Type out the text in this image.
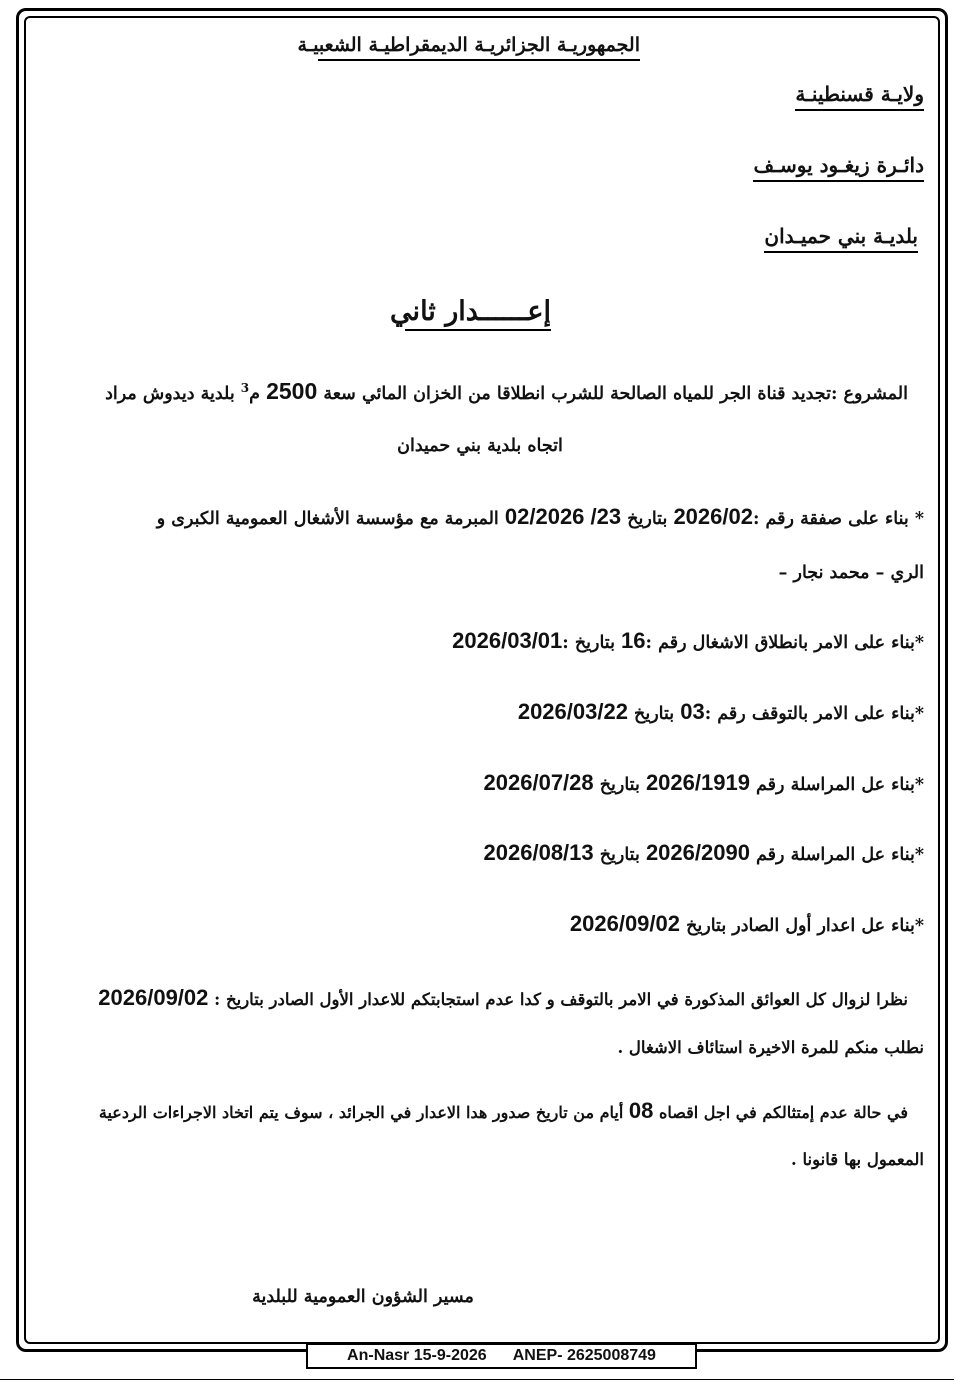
الجمهوريـة الجزائريـة الديمقراطيـة الشعبيـة
ولايـة قسنطينـة
دائـرة زيغـود يوسـف
بلديـة بني حميـدان
إعــــــدار ثاني
المشروع :تجديد قناة الجر للمياه الصالحة للشرب انطلاقا من الخزان المائي سعة 2500 م$^3$ بلدية ديدوش مراد
اتجاه بلدية بني حميدان
* بناء على صفقة رقم :2026/02 بتاريخ 23/ 02/2026 المبرمة مع مؤسسة الأشغال العمومية الكبرى و
الري – محمد نجار –
*بناء على الامر بانطلاق الاشغال رقم :16 بتاريخ :2026/03/01
*بناء على الامر بالتوقف رقم :03 بتاريخ 2026/03/22
*بناء عل المراسلة رقم 2026/1919 بتاريخ 2026/07/28
*بناء عل المراسلة رقم 2026/2090 بتاريخ 2026/08/13
*بناء عل اعدار أول الصادر بتاريخ 2026/09/02
نظرا لزوال كل العوائق المذكورة في الامر بالتوقف و كدا عدم استجابتكم للاعدار الأول الصادر بتاريخ : 2026/09/02
نطلب منكم للمرة الاخيرة استائاف الاشغال .
في حالة عدم إمتثالكم في اجل اقصاه 08 أيام من تاريخ صدور هدا الاعدار في الجرائد ، سوف يتم اتخاد الاجراءات الردعية
المعمول بها قانونا .
مسير الشؤون العمومية للبلدية
An-Nasr 15-9-2026 ANEP- 2625008749
